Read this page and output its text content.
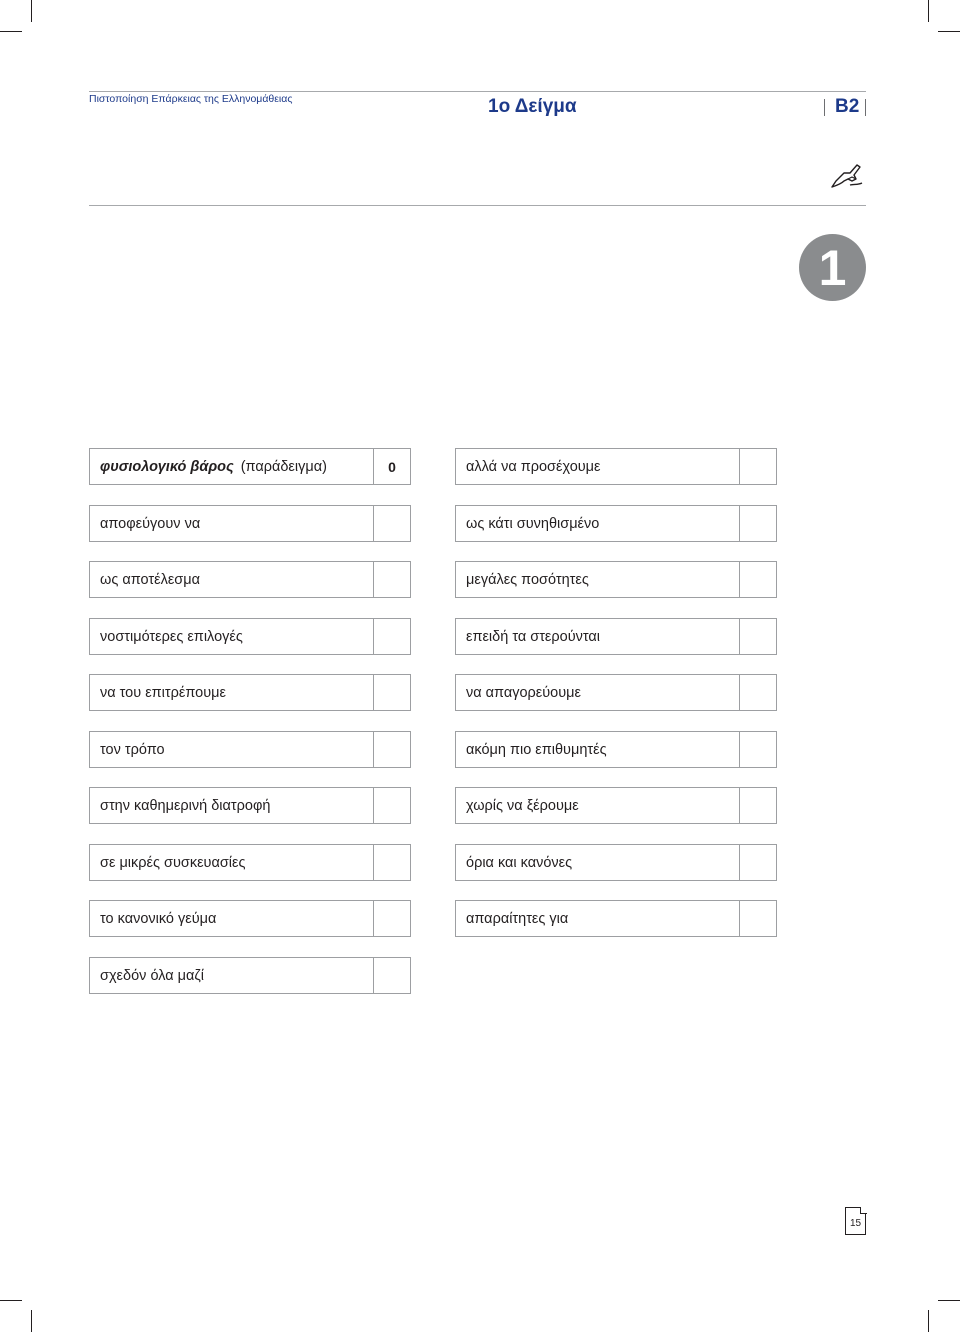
Πιστοποίηση Επάρκειας της Ελληνομάθειας	1ο Δείγμα	Β2
1
φυσιολογικό βάρος (παράδειγμα)	0
αποφεύγουν να
ως αποτέλεσμα
νοστιμότερες επιλογές
να του επιτρέπουμε
τον τρόπο
στην καθημερινή διατροφή
σε μικρές συσκευασίες
το κανονικό γεύμα
σχεδόν όλα μαζί
αλλά να προσέχουμε
ως κάτι συνηθισμένο
μεγάλες ποσότητες
επειδή τα στερούνται
να απαγορεύουμε
ακόμη πιο επιθυμητές
χωρίς να ξέρουμε
όρια και κανόνες
απαραίτητες για
15
